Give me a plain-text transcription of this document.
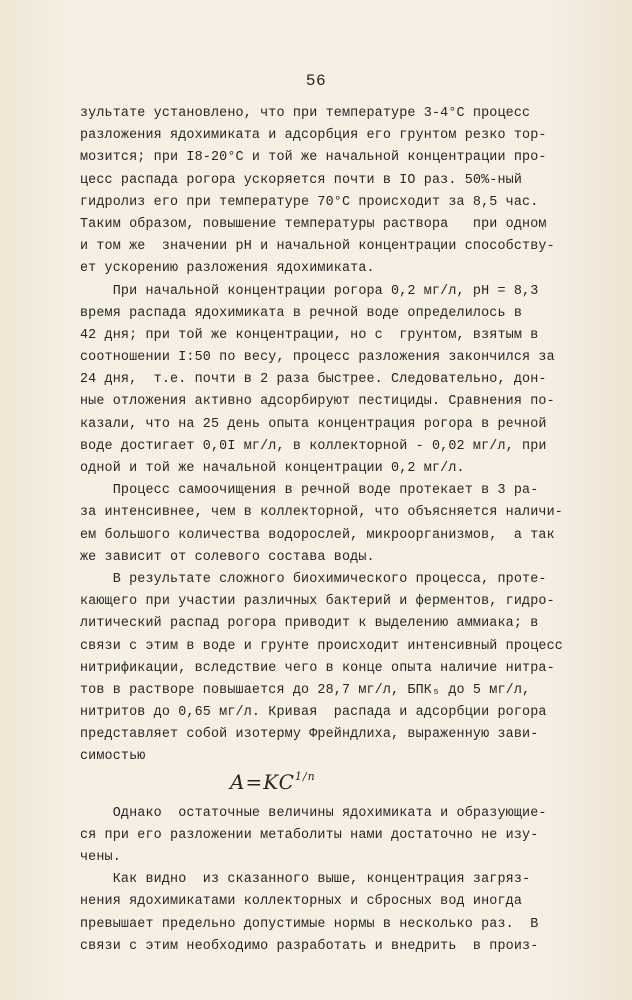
56
зультате установлено, что при температуре 3-4°С процесс
разложения ядохимиката и адсорбция его грунтом резко тор-
мозится; при I8-20°С и той же начальной концентрации про-
цесс распада рогора ускоряется почти в IO раз. 50%-ный
гидролиз его при температуре 70°С происходит за 8,5 час.
Таким образом, повышение температуры раствора   при одном
и том же  значении pH и начальной концентрации способству-
ет ускорению разложения ядохимиката.
При начальной концентрации рогора 0,2 мг/л, pH = 8,3
время распада ядохимиката в речной воде определилось в
42 дня; при той же концентрации, но с  грунтом, взятым в
соотношении I:50 по весу, процесс разложения закончился за
24 дня,  т.е. почти в 2 раза быстрее. Следовательно, дон-
ные отложения активно адсорбируют пестициды. Сравнения по-
казали, что на 25 день опыта концентрация рогора в речной
воде достигает 0,0I мг/л, в коллекторной - 0,02 мг/л, при
одной и той же начальной концентрации 0,2 мг/л.
Процесс самоочищения в речной воде протекает в 3 ра-
за интенсивнее, чем в коллекторной, что объясняется наличи-
ем большого количества водорослей, микроорганизмов,  а так
же зависит от солевого состава воды.
В результате сложного биохимического процесса, проте-
кающего при участии различных бактерий и ферментов, гидро-
литический распад рогора приводит к выделению аммиака; в
связи с этим в воде и грунте происходит интенсивный процесс
нитрификации, вследствие чего в конце опыта наличие нитра-
тов в растворе повышается до 28,7 мг/л, БПК₅ до 5 мг/л,
нитритов до 0,65 мг/л. Кривая  распада и адсорбции рогора
представляет собой изотерму Фрейндлиха, выраженную зави-
симостью
$A=KC^{1/n}$
Однако  остаточные величины ядохимиката и образующие-
ся при его разложении метаболиты нами достаточно не изу-
чены.
Как видно  из сказанного выше, концентрация загряз-
нения ядохимикатами коллекторных и сбросных вод иногда
превышает предельно допустимые нормы в несколько раз.  В
связи с этим необходимо разработать и внедрить  в произ-
